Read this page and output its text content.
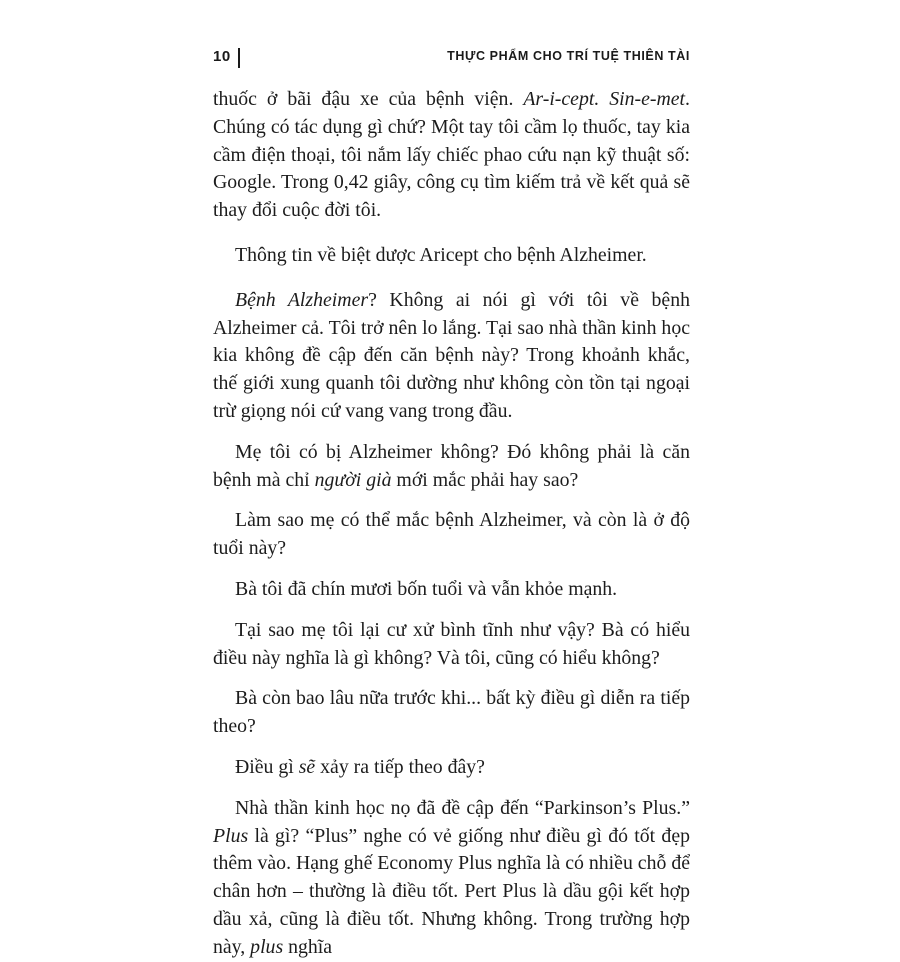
10	THỰC PHẨM CHO TRÍ TUỆ THIÊN TÀI

thuốc ở bãi đậu xe của bệnh viện. Ar-i-cept. Sin-e-met. Chúng có tác dụng gì chứ? Một tay tôi cầm lọ thuốc, tay kia cầm điện thoại, tôi nắm lấy chiếc phao cứu nạn kỹ thuật số: Google. Trong 0,42 giây, công cụ tìm kiếm trả về kết quả sẽ thay đổi cuộc đời tôi.

Thông tin về biệt dược Aricept cho bệnh Alzheimer.

Bệnh Alzheimer? Không ai nói gì với tôi về bệnh Alzheimer cả. Tôi trở nên lo lắng. Tại sao nhà thần kinh học kia không đề cập đến căn bệnh này? Trong khoảnh khắc, thế giới xung quanh tôi dường như không còn tồn tại ngoại trừ giọng nói cứ vang vang trong đầu.

Mẹ tôi có bị Alzheimer không? Đó không phải là căn bệnh mà chỉ người già mới mắc phải hay sao?

Làm sao mẹ có thể mắc bệnh Alzheimer, và còn là ở độ tuổi này?

Bà tôi đã chín mươi bốn tuổi và vẫn khỏe mạnh.

Tại sao mẹ tôi lại cư xử bình tĩnh như vậy? Bà có hiểu điều này nghĩa là gì không? Và tôi, cũng có hiểu không?

Bà còn bao lâu nữa trước khi... bất kỳ điều gì diễn ra tiếp theo?

Điều gì sẽ xảy ra tiếp theo đây?

Nhà thần kinh học nọ đã đề cập đến “Parkinson’s Plus.” Plus là gì? “Plus” nghe có vẻ giống như điều gì đó tốt đẹp thêm vào. Hạng ghế Economy Plus nghĩa là có nhiều chỗ để chân hơn – thường là điều tốt. Pert Plus là dầu gội kết hợp dầu xả, cũng là điều tốt. Nhưng không. Trong trường hợp này, plus nghĩa
